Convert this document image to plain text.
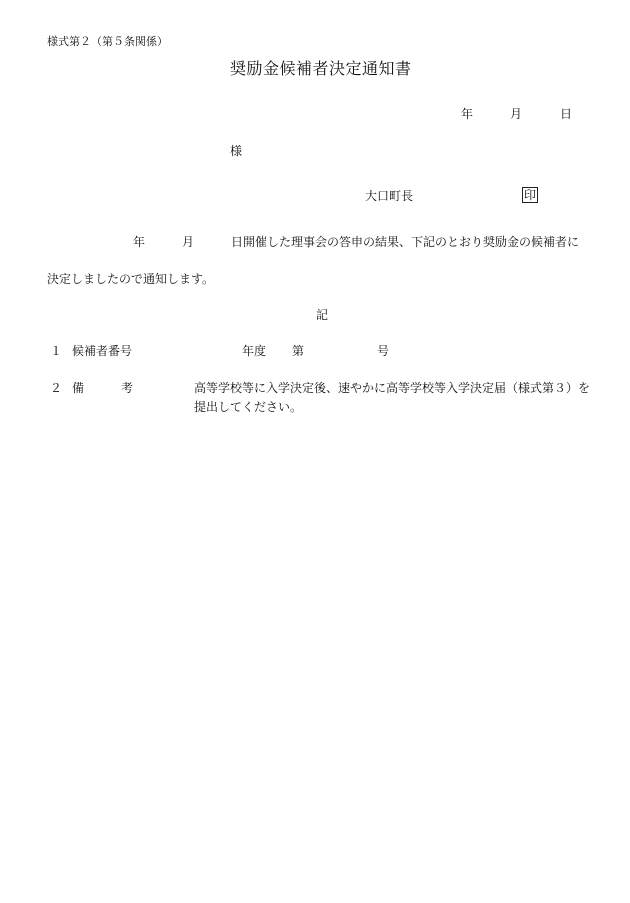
様式第２（第５条関係）
奨励金候補者決定通知書
年	月	日
様
大口町長	印
年	月	日開催した理事会の答申の結果、下記のとおり奨励金の候補者に
決定しましたので通知します。
記
１ 候補者番号	年度 第	号
２ 備	考	高等学校等に入学決定後、速やかに高等学校等入学決定届（様式第３）を
提出してください。
